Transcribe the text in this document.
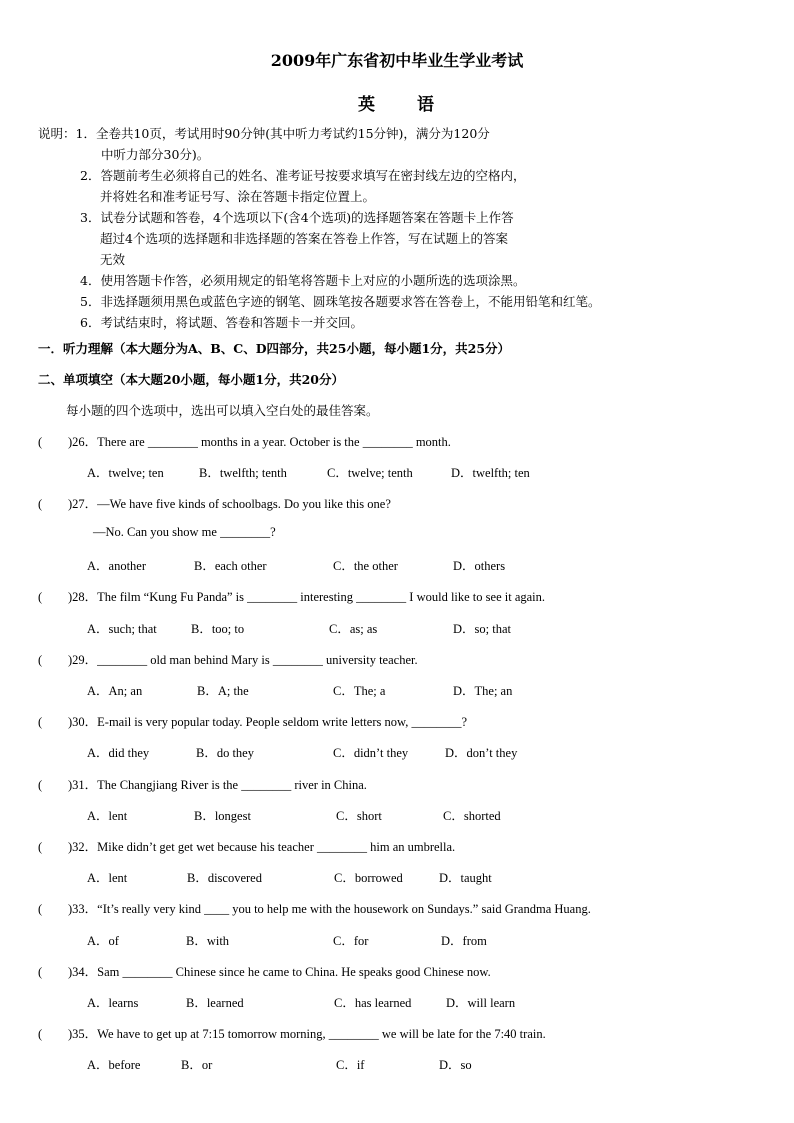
2009年广东省初中毕业生学业考试
英 语
说明：1．全卷共10页，考试用时90分钟(其中听力考试约15分钟)，满分为120分
中听力部分30分)。
2．答题前考生必须将自己的姓名、准考证号按要求填写在密封线左边的空格内，
并将姓名和准考证号写、涂在答题卡指定位置上。
3．试卷分试题和答卷，4个选项以下(含4个选项)的选择题答案在答题卡上作答
超过4个选项的选择题和非选择题的答案在答卷上作答，写在试题上的答案
无效
4．使用答题卡作答，必须用规定的铅笔将答题卡上对应的小题所选的选项涂黑。
5．非选择题须用黑色或蓝色字迹的钢笔、圆珠笔按各题要求答在答卷上，不能用铅笔和红笔。
6．考试结束时，将试题、答卷和答题卡一并交回。
一．听力理解（本大题分为A、B、C、D四部分，共25小题，每小题1分，共25分）
二、单项填空（本大题20小题，每小题1分，共20分）
每小题的四个选项中，选出可以填入空白处的最佳答案。
( )26．There are ________ months in a year. October is the ________ month.
A．twelve; ten	B．twelfth; tenth	C．twelve; tenth	D．twelfth; ten
( )27．—We have five kinds of schoolbags. Do you like this one?
—No. Can you show me ________?
A．another	B．each other	C．the other	D．others
( )28．The film “Kung Fu Panda” is ________ interesting ________ I would like to see it again.
A．such; that	B．too; to	C．as; as	D．so; that
( )29．________ old man behind Mary is ________ university teacher.
A．An; an	B．A; the	C．The; a	D．The; an
( )30．E-mail is very popular today. People seldom write letters now, ________?
A．did they	B．do they	C．didn’t they	D．don’t they
( )31．The Changjiang River is the ________ river in China.
A．lent	B．longest	C．short	C．shorted
( )32．Mike didn’t get get wet because his teacher ________ him an umbrella.
A．lent	B．discovered	C．borrowed	D．taught
( )33．“It’s really very kind ____ you to help me with the housework on Sundays.” said Grandma Huang.
A．of	B．with	C．for	D．from
( )34．Sam ________ Chinese since he came to China. He speaks good Chinese now.
A．learns	B．learned	C．has learned	D．will learn
( )35．We have to get up at 7:15 tomorrow morning, ________ we will be late for the 7:40 train.
A．before	B．or	C．if	D．so
